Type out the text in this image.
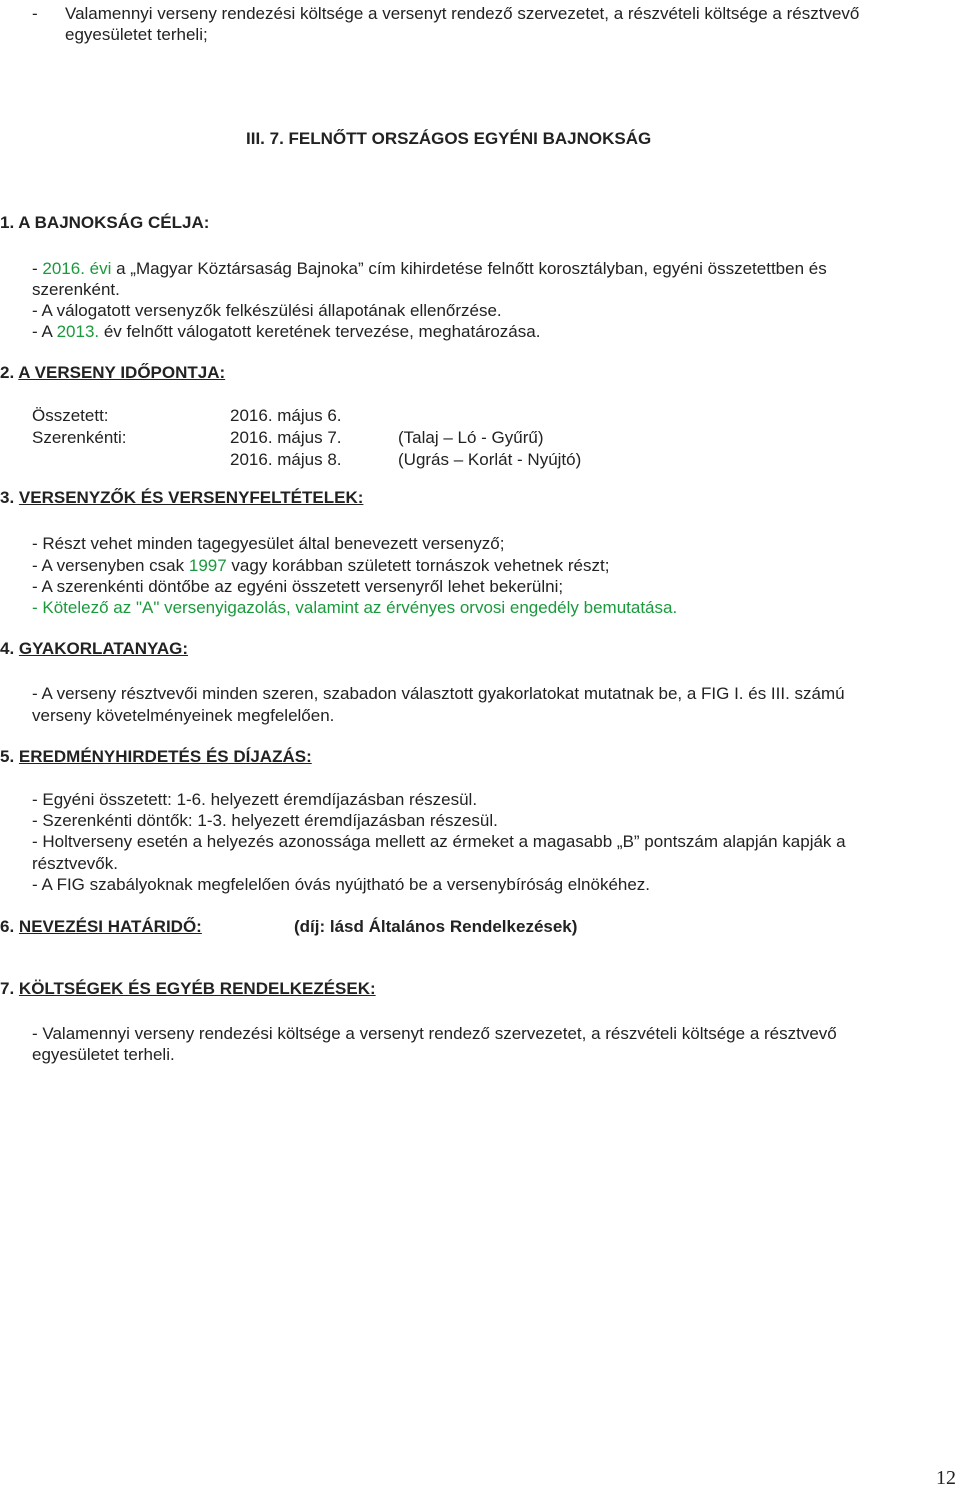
- Valamennyi verseny rendezési költsége a versenyt rendező szervezetet, a részvételi költsége a résztvevő
egyesületet terheli;
III. 7. FELNŐTT ORSZÁGOS EGYÉNI BAJNOKSÁG
1. A BAJNOKSÁG CÉLJA:
- 2016. évi a „Magyar Köztársaság Bajnoka” cím kihirdetése felnőtt korosztályban, egyéni összetettben és
szerenként.
- A válogatott versenyzők felkészülési állapotának ellenőrzése.
- A 2013. év felnőtt válogatott keretének tervezése, meghatározása.
2. A VERSENY IDŐPONTJA:
Összetett:	2016. május 6.
Szerenkénti:	2016. május 7.	(Talaj – Ló - Gyűrű)
2016. május 8.	(Ugrás – Korlát - Nyújtó)
3. VERSENYZŐK ÉS VERSENYFELTÉTELEK:
- Részt vehet minden tagegyesület által benevezett versenyző;
- A versenyben csak 1997 vagy korábban született tornászok vehetnek részt;
- A szerenkénti döntőbe az egyéni összetett versenyről lehet bekerülni;
- Kötelező az "A" versenyigazolás, valamint az érvényes orvosi engedély bemutatása.
4. GYAKORLATANYAG:
- A verseny résztvevői minden szeren, szabadon választott gyakorlatokat mutatnak be, a FIG I. és III. számú
verseny követelményeinek megfelelően.
5. EREDMÉNYHIRDETÉS ÉS DÍJAZÁS:
- Egyéni összetett: 1-6. helyezett éremdíjazásban részesül.
- Szerenkénti döntők: 1-3. helyezett éremdíjazásban részesül.
- Holtverseny esetén a helyezés azonossága mellett az érmeket a magasabb „B” pontszám alapján kapják a
résztvevők.
- A FIG szabályoknak megfelelően óvás nyújtható be a versenybíróság elnökéhez.
6. NEVEZÉSI HATÁRIDŐ:	(díj: lásd Általános Rendelkezések)
7. KÖLTSÉGEK ÉS EGYÉB RENDELKEZÉSEK:
- Valamennyi verseny rendezési költsége a versenyt rendező szervezetet, a részvételi költsége a résztvevő
egyesületet terheli.
12
